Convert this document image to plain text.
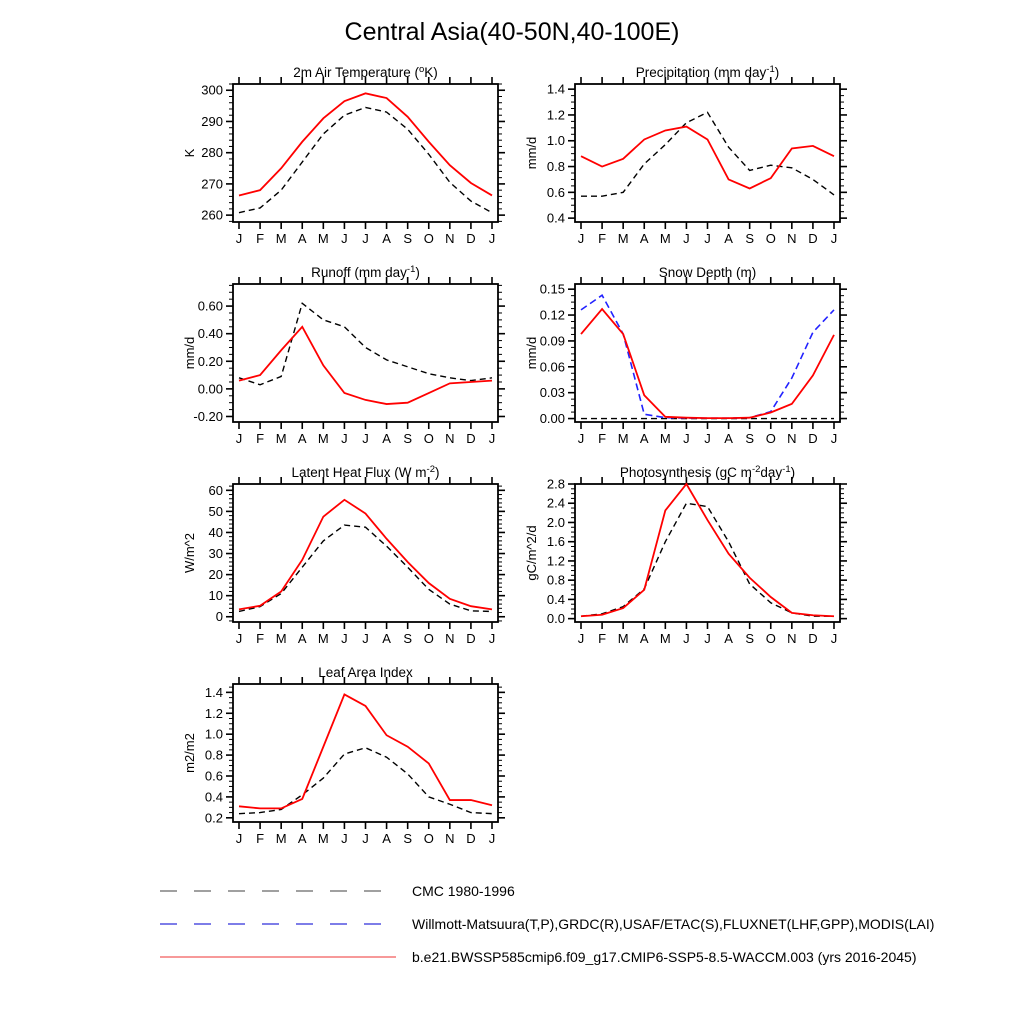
Central Asia(40-50N,40-100E)
2m Air Temperature ($^o$K)
260
270
280
290
300
J F M A M J J A S O N D J
K
Precipitation (mm day$^{-1}$)
0.4
0.6
0.8
1.0
1.2
1.4
J F M A M J J A S O N D J
mm/d
Runoff (mm day$^{-1}$)
-0.20
0.00
0.20
0.40
0.60
J F M A M J J A S O N D J
mm/d
Snow Depth (m)
0.00
0.03
0.06
0.09
0.12
0.15
J F M A M J J A S O N D J
mm/d
Latent Heat Flux (W $m^{-2}$)
0
10
20
30
40
50
60
J F M A M J J A S O N D J
W/m^2
Photosynthesis (gC $m^{-2}day^{-1}$)
0.0
0.4
0.8
1.2
1.6
2.0
2.4
2.8
J F M A M J J A S O N D J
gC/m^2/d
Leaf Area Index
0.2
0.4
0.6
0.8
1.0
1.2
1.4
J F M A M J J A S O N D J
m2/m2
CMC 1980-1996
Willmott-Matsuura(T,P),GRDC(R),USAF/ETAC(S),FLUXNET(LHF,GPP),MODIS(LAI)
b.e21.BWSSP585cmip6.f09_g17.CMIP6-SSP5-8.5-WACCM.003 (yrs 2016-2045)
